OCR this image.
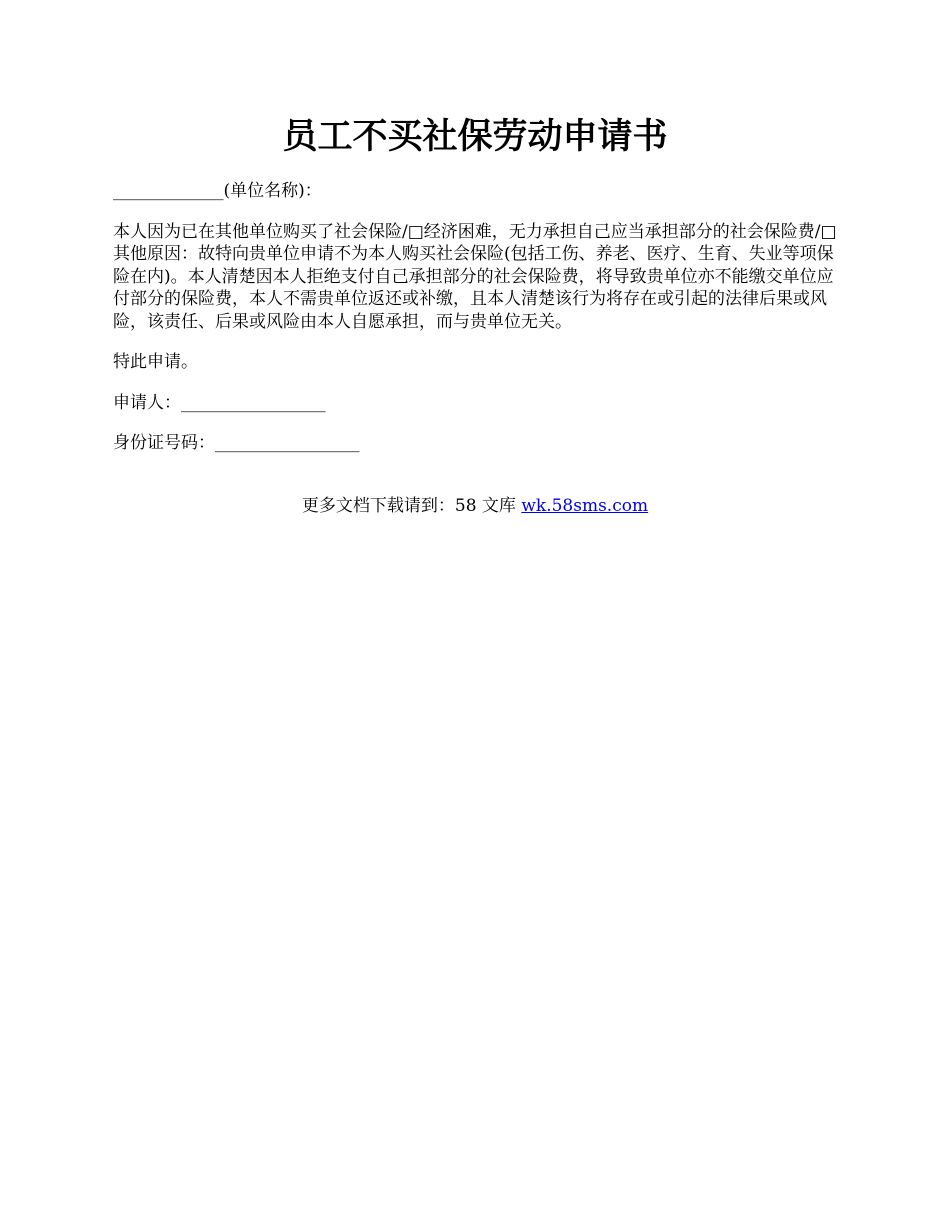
员工不买社保劳动申请书
_____________(单位名称)：
本人因为已在其他单位购买了社会保险/□经济困难，无力承担自己应当承担部分的社会保险费/□其他原因：故特向贵单位申请不为本人购买社会保险(包括工伤、养老、医疗、生育、失业等项保险在内)。本人清楚因本人拒绝支付自己承担部分的社会保险费，将导致贵单位亦不能缴交单位应付部分的保险费，本人不需贵单位返还或补缴，且本人清楚该行为将存在或引起的法律后果或风险，该责任、后果或风险由本人自愿承担，而与贵单位无关。
特此申请。
申请人：_________________
身份证号码：_________________
更多文档下载请到：58 文库 wk.58sms.com
